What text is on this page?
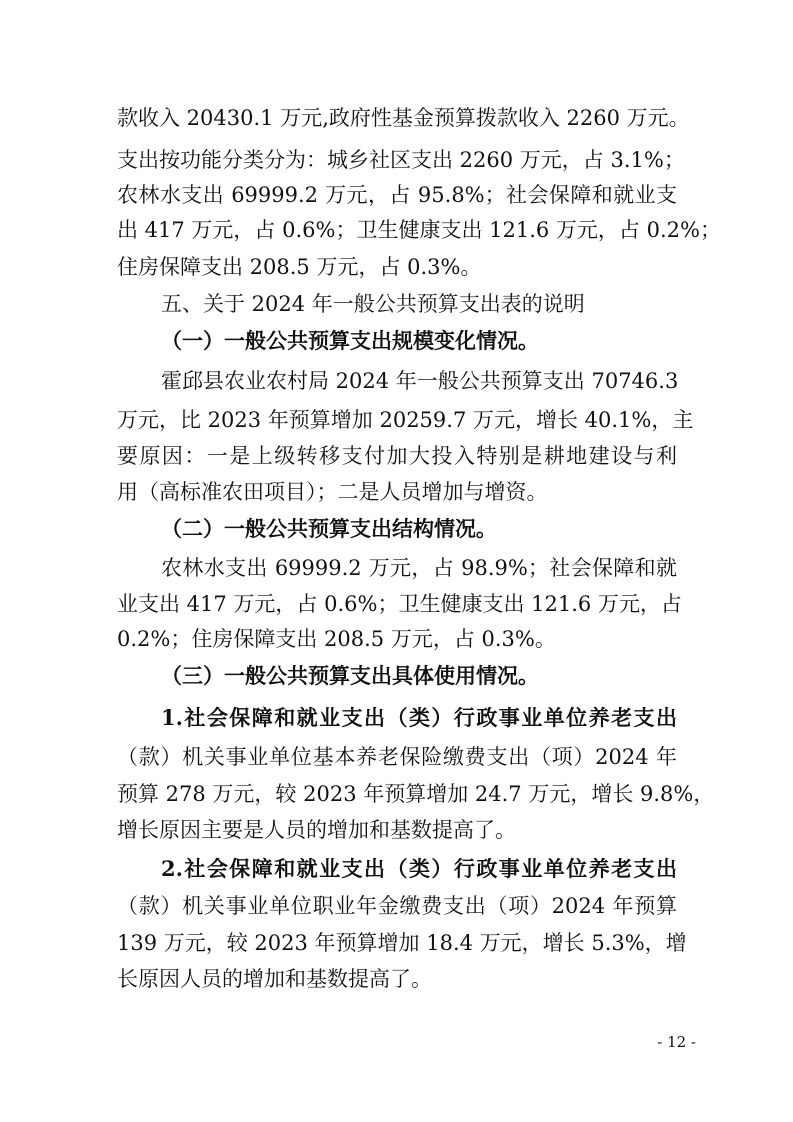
款收入 20430.1 万元,政府性基金预算拨款收入 2260 万元。
支出按功能分类分为：城乡社区支出 2260 万元，占 3.1%；
农林水支出 69999.2 万元，占 95.8%；社会保障和就业支
出 417 万元，占 0.6%；卫生健康支出 121.6 万元，占 0.2%；
住房保障支出 208.5 万元，占 0.3%。
五、关于 2024 年一般公共预算支出表的说明
（一）一般公共预算支出规模变化情况。
霍邱县农业农村局 2024 年一般公共预算支出 70746.3
万元，比 2023 年预算增加 20259.7 万元，增长 40.1%，主
要原因：一是上级转移支付加大投入特别是耕地建设与利
用（高标准农田项目）；二是人员增加与增资。
（二）一般公共预算支出结构情况。
农林水支出 69999.2 万元，占 98.9%；社会保障和就
业支出 417 万元，占 0.6%；卫生健康支出 121.6 万元，占
0.2%；住房保障支出 208.5 万元，占 0.3%。
（三）一般公共预算支出具体使用情况。
1.社会保障和就业支出（类）行政事业单位养老支出
（款）机关事业单位基本养老保险缴费支出（项）2024 年
预算 278 万元，较 2023 年预算增加 24.7 万元，增长 9.8%，
增长原因主要是人员的增加和基数提高了。
2.社会保障和就业支出（类）行政事业单位养老支出
（款）机关事业单位职业年金缴费支出（项）2024 年预算
139 万元，较 2023 年预算增加 18.4 万元，增长 5.3%，增
长原因人员的增加和基数提高了。
- 12 -
